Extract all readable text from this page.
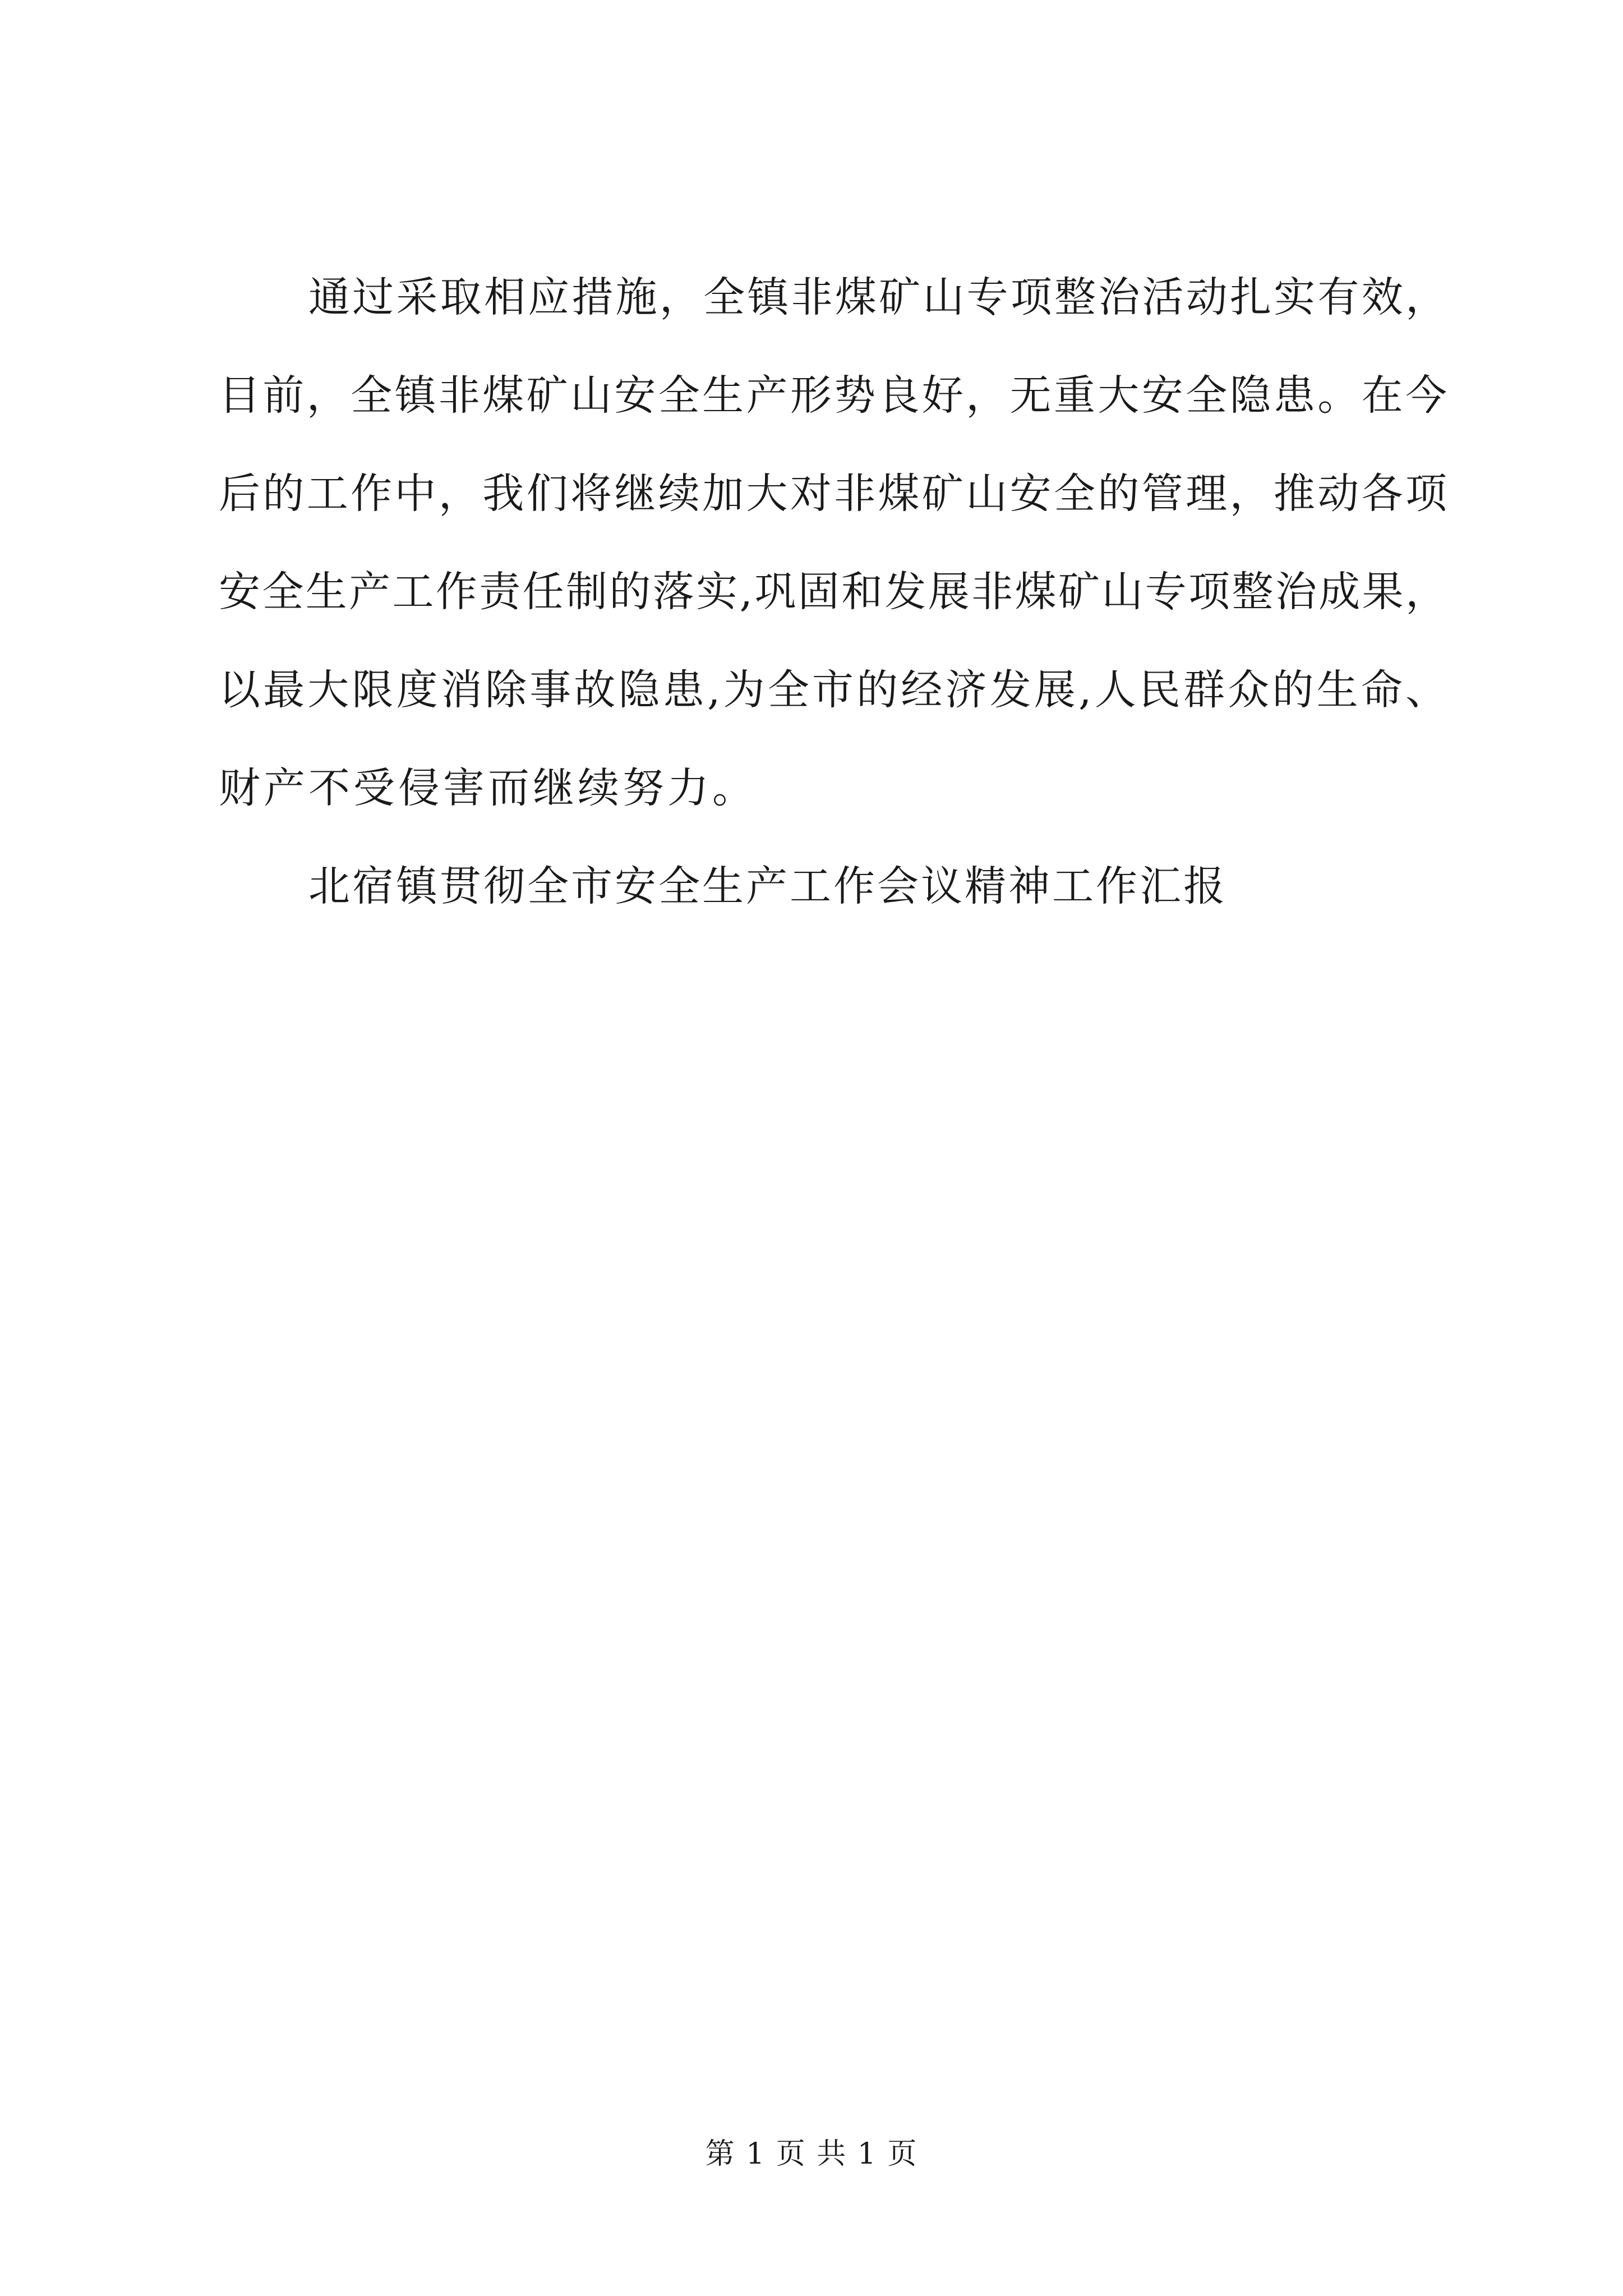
通过采取相应措施，全镇非煤矿山专项整治活动扎实有效，
目前，全镇非煤矿山安全生产形势良好，无重大安全隐患。在今
后的工作中，我们将继续加大对非煤矿山安全的管理，推动各项
安全生产工作责任制的落实,巩固和发展非煤矿山专项整治成果，
以最大限度消除事故隐患,为全市的经济发展,人民群众的生命、
财产不受侵害而继续努力。
北宿镇贯彻全市安全生产工作会议精神工作汇报
第 1 页 共 1 页
